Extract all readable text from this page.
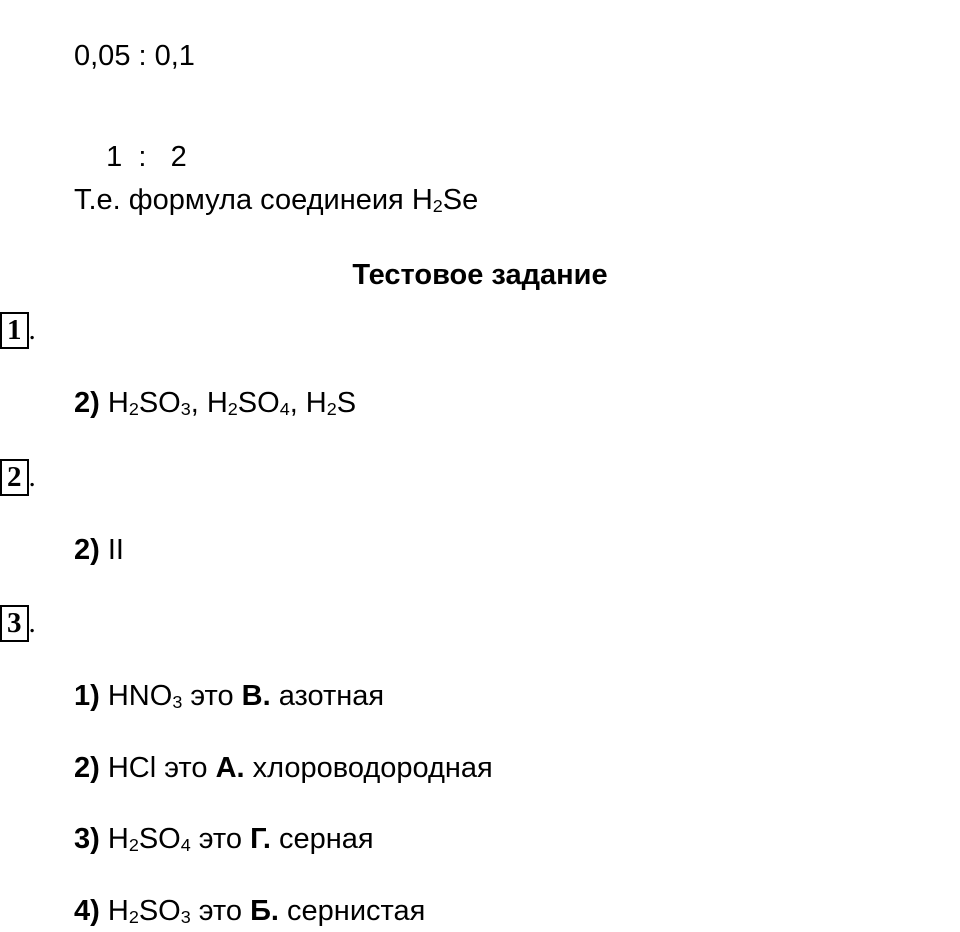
0,05 : 0,1

1  :   2

Т.е. формула соединеия $H_2Se$
Тестовое задание
1 .
2) $H_2SO_3$, $H_2SO_4$, $H_2S$
2 .
2) II
3 .
1) $HNO_3$ это В. азотная
2) HCl это А. хлороводородная
3) $H_2SO_4$ это Г. серная
4) $H_2SO_3$ это Б. сернистая
